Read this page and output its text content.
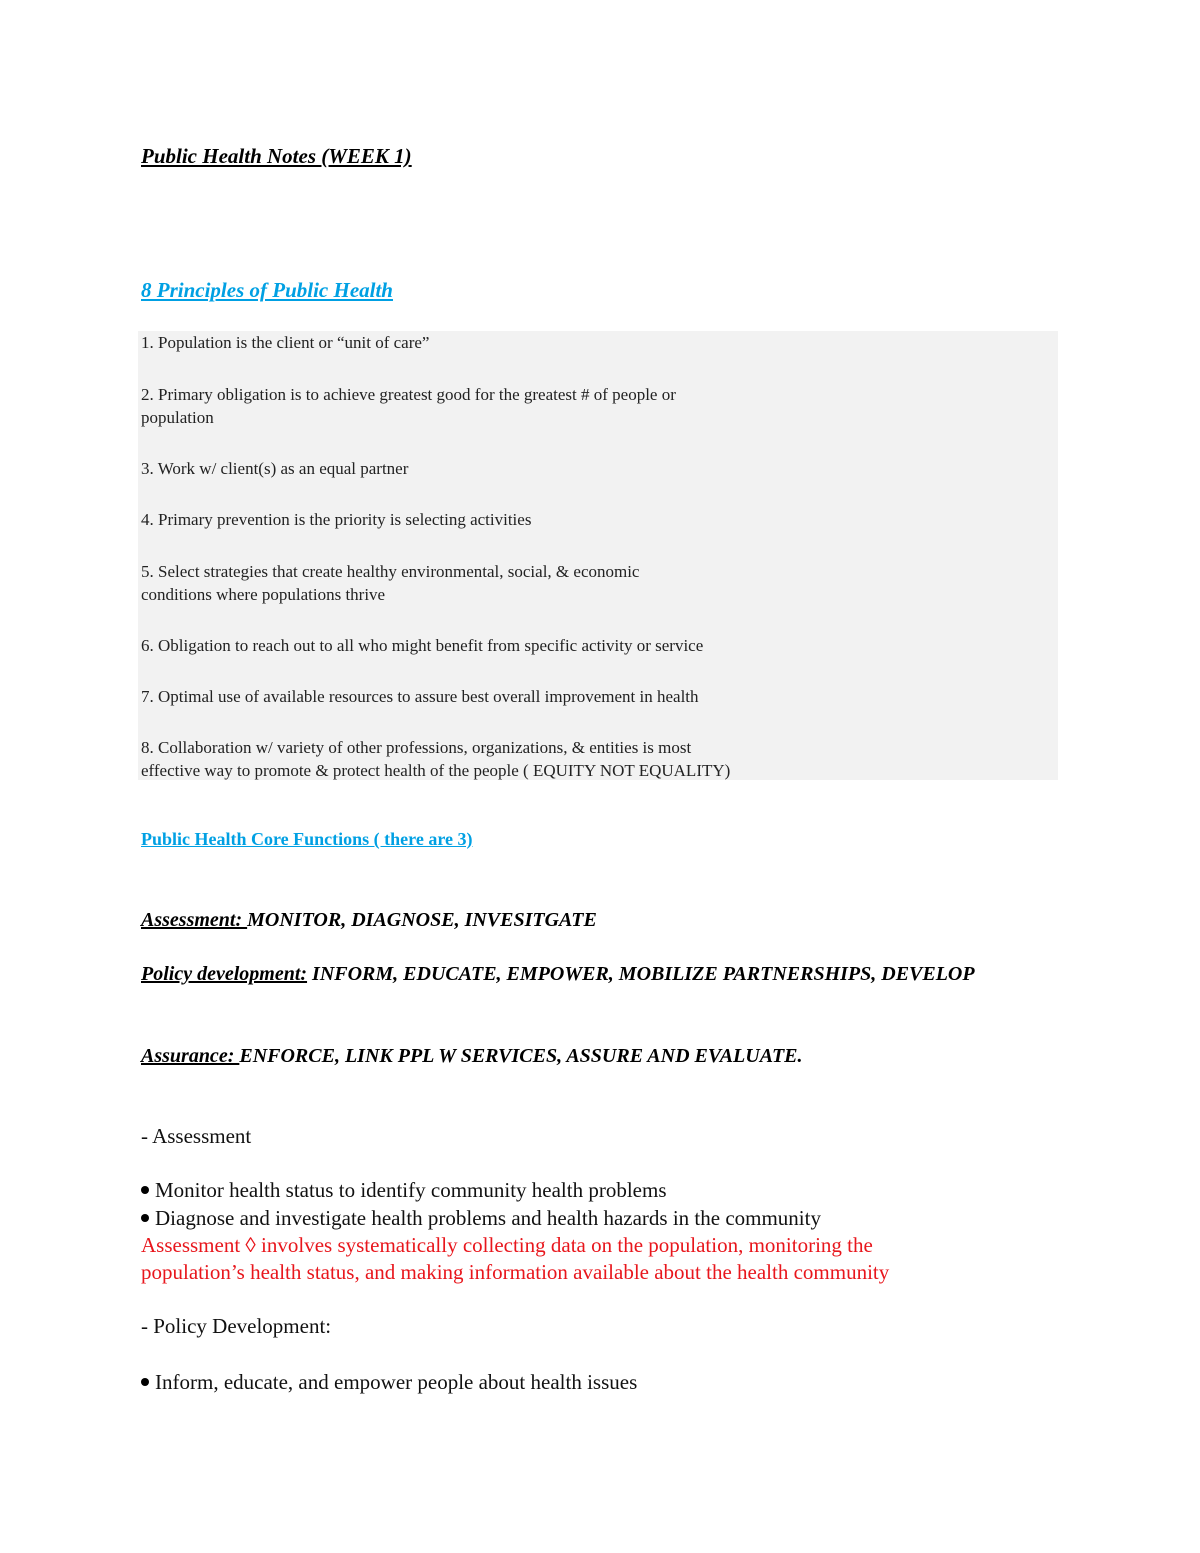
Public Health Notes (WEEK 1)
8 Principles of Public Health
1. Population is the client or “unit of care”
2. Primary obligation is to achieve greatest good for the greatest # of people or
population
3. Work w/ client(s) as an equal partner
4. Primary prevention is the priority is selecting activities
5. Select strategies that create healthy environmental, social, & economic
conditions where populations thrive
6. Obligation to reach out to all who might benefit from specific activity or service
7. Optimal use of available resources to assure best overall improvement in health
8. Collaboration w/ variety of other professions, organizations, & entities is most
effective way to promote & protect health of the people ( EQUITY NOT EQUALITY)
Public Health Core Functions ( there are 3)
Assessment: MONITOR, DIAGNOSE, INVESITGATE
Policy development: INFORM, EDUCATE, EMPOWER, MOBILIZE PARTNERSHIPS, DEVELOP
Assurance: ENFORCE, LINK PPL W SERVICES, ASSURE AND EVALUATE.
- Assessment
Monitor health status to identify community health problems
Diagnose and investigate health problems and health hazards in the community
Assessment ◊ involves systematically collecting data on the population, monitoring the
population’s health status, and making information available about the health community
- Policy Development:
Inform, educate, and empower people about health issues
